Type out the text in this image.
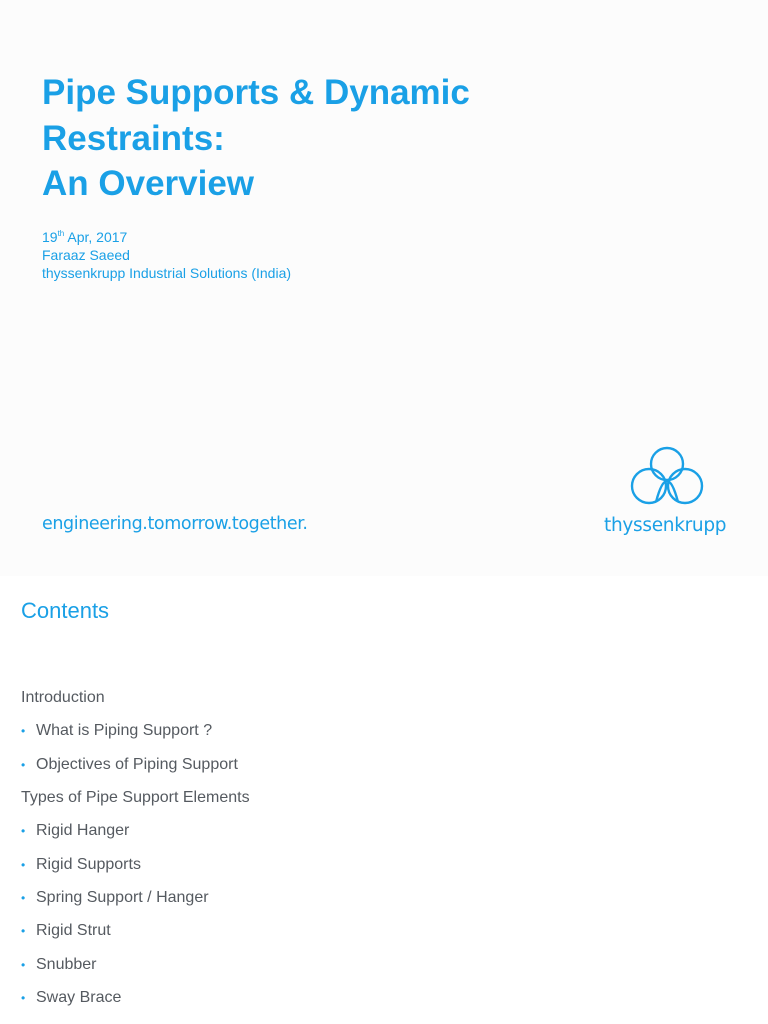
Pipe Supports & Dynamic
Restraints:
An Overview
19th Apr, 2017
Faraaz Saeed
thyssenkrupp Industrial Solutions (India)
engineering.tomorrow.together.	thyssenkrupp
Contents
Introduction
• What is Piping Support ?
• Objectives of Piping Support
Types of Pipe Support Elements
• Rigid Hanger
• Rigid Supports
• Spring Support / Hanger
• Rigid Strut
• Snubber
• Sway Brace
